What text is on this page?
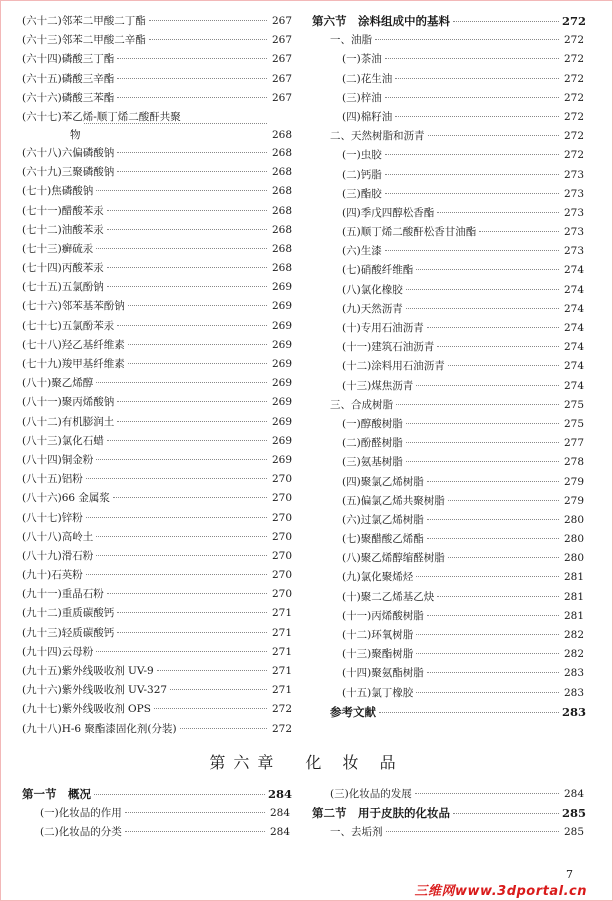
(六十二)邻苯二甲酸二丁酯	267
(六十三)邻苯二甲酸二辛酯	267
(六十四)磷酸三丁酯	267
(六十五)磷酸三辛酯	267
(六十六)磷酸三苯酯	267
(六十七)苯乙烯-顺丁烯二酸酐共聚
物	268
(六十八)六偏磷酸钠	268
(六十九)三聚磷酸钠	268
(七十)焦磷酸钠	268
(七十一)醋酸苯汞	268
(七十二)油酸苯汞	268
(七十三)癣硫汞	268
(七十四)丙酸苯汞	268
(七十五)五氯酚钠	269
(七十六)邻苯基苯酚钠	269
(七十七)五氯酚苯汞	269
(七十八)羟乙基纤维素	269
(七十九)羧甲基纤维素	269
(八十)聚乙烯醇	269
(八十一)聚丙烯酸钠	269
(八十二)有机膨润土	269
(八十三)氯化石蜡	269
(八十四)铜金粉	269
(八十五)铝粉	270
(八十六)66 金属浆	270
(八十七)锌粉	270
(八十八)高岭土	270
(八十九)滑石粉	270
(九十)石英粉	270
(九十一)重晶石粉	270
(九十二)重质碳酸钙	271
(九十三)轻质碳酸钙	271
(九十四)云母粉	271
(九十五)紫外线吸收剂 UV-9	271
(九十六)紫外线吸收剂 UV-327	271
(九十七)紫外线吸收剂 OPS	272
(九十八)H-6 聚酯漆固化剂(分装)	272
第六节　涂料组成中的基料	272
一、油脂	272
(一)茶油	272
(二)花生油	272
(三)梓油	272
(四)棉籽油	272
二、天然树脂和沥青	272
(一)虫胶	272
(二)钙脂	273
(三)酯胶	273
(四)季戊四醇松香酯	273
(五)顺丁烯二酸酐松香甘油酯	273
(六)生漆	273
(七)硝酸纤维酯	274
(八)氯化橡胶	274
(九)天然沥青	274
(十)专用石油沥青	274
(十一)建筑石油沥青	274
(十二)涂料用石油沥青	274
(十三)煤焦沥青	274
三、合成树脂	275
(一)醇酸树脂	275
(二)酚醛树脂	277
(三)氨基树脂	278
(四)聚氯乙烯树脂	279
(五)偏氯乙烯共聚树脂	279
(六)过氯乙烯树脂	280
(七)聚醋酸乙烯酯	280
(八)聚乙烯醇缩醛树脂	280
(九)氯化聚烯烃	281
(十)聚二乙烯基乙炔	281
(十一)丙烯酸树脂	281
(十二)环氧树脂	282
(十三)聚酯树脂	282
(十四)聚氨酯树脂	283
(十五)氯丁橡胶	283
参考文献	283
第六章　化 妆 品
第一节　概况	284
(一)化妆品的作用	284
(二)化妆品的分类	284
(三)化妆品的发展	284
第二节　用于皮肤的化妆品	285
一、去垢剂	285
7
三维网www.3dportal.cn
